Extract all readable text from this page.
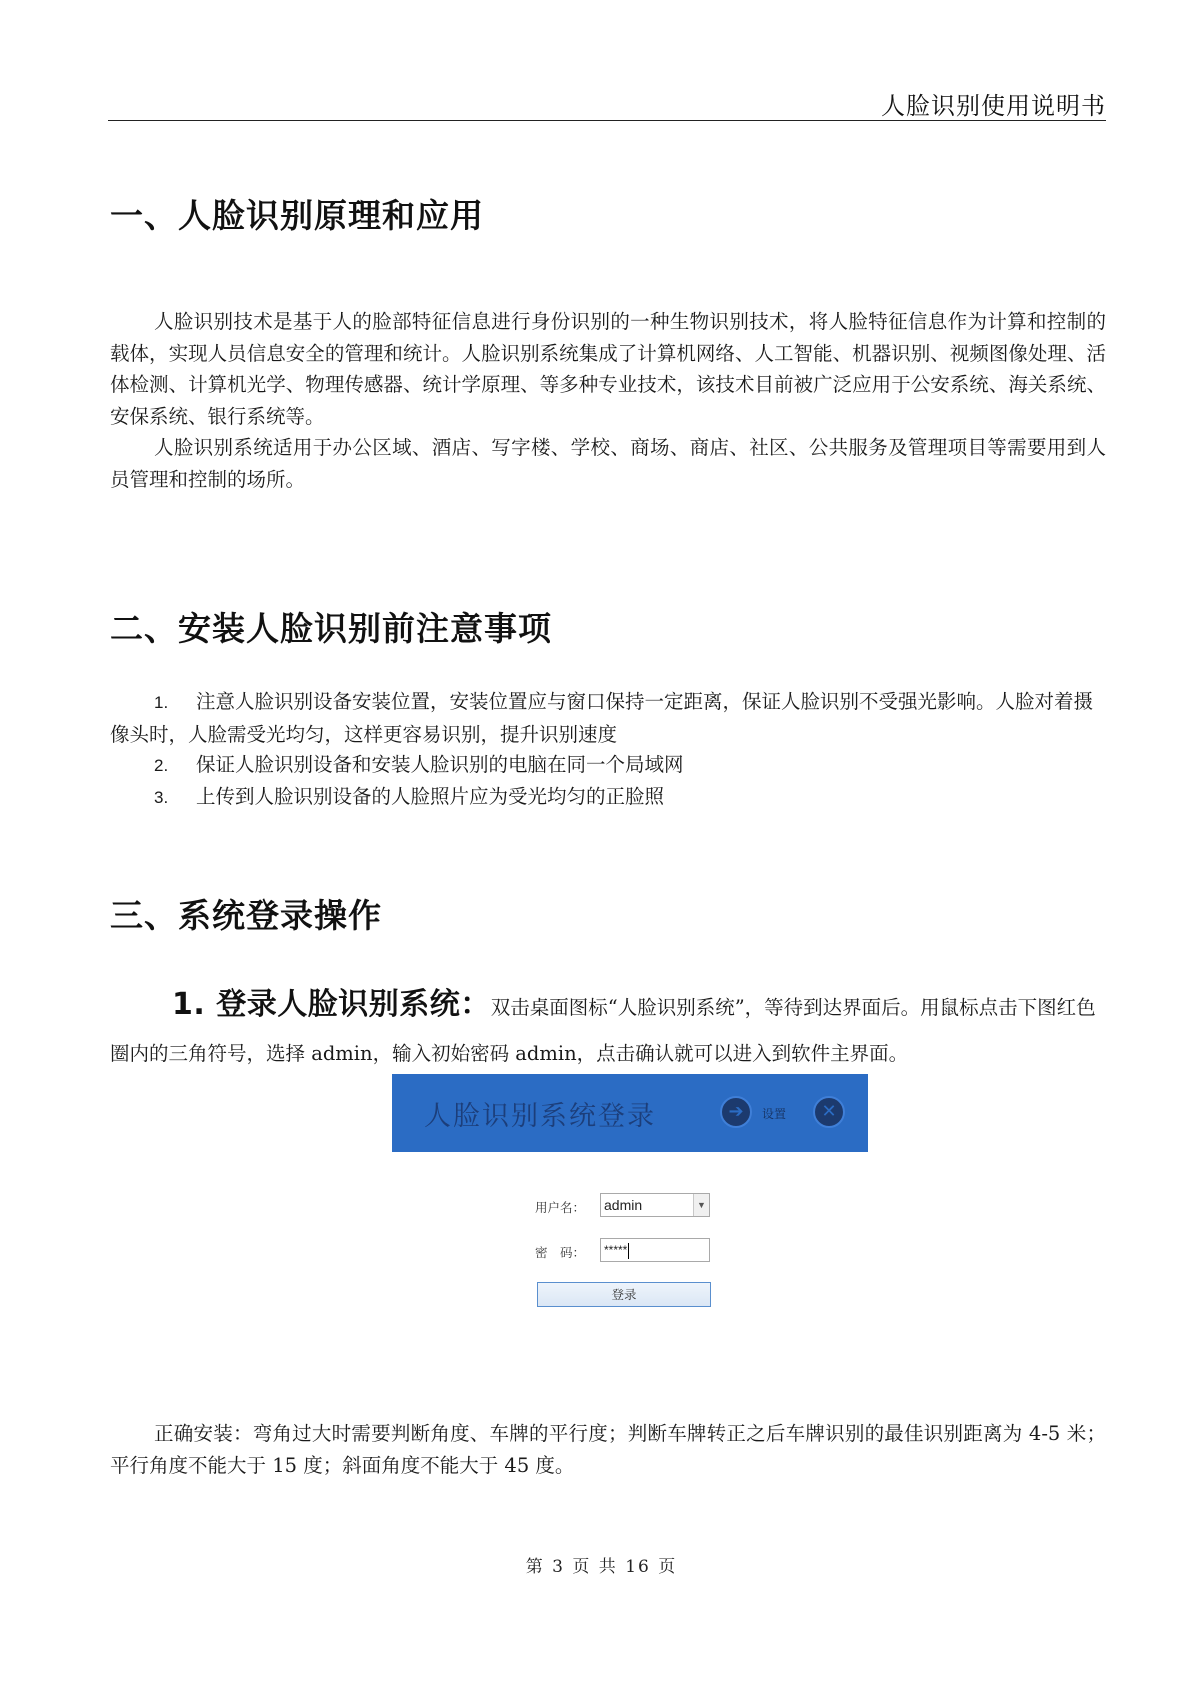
人脸识别使用说明书
一、人脸识别原理和应用

人脸识别技术是基于人的脸部特征信息进行身份识别的一种生物识别技术，将人脸特征信息作为计算和控制的载体，实现人员信息安全的管理和统计。人脸识别系统集成了计算机网络、人工智能、机器识别、视频图像处理、活体检测、计算机光学、物理传感器、统计学原理、等多种专业技术，该技术目前被广泛应用于公安系统、海关系统、安保系统、银行系统等。

人脸识别系统适用于办公区域、酒店、写字楼、学校、商场、商店、社区、公共服务及管理项目等需要用到人员管理和控制的场所。

二、安装人脸识别前注意事项

1. 注意人脸识别设备安装位置，安装位置应与窗口保持一定距离，保证人脸识别不受强光影响。人脸对着摄像头时，人脸需受光均匀，这样更容易识别，提升识别速度

2. 保证人脸识别设备和安装人脸识别的电脑在同一个局域网

3. 上传到人脸识别设备的人脸照片应为受光均匀的正脸照

三、系统登录操作

1. 登录人脸识别系统：双击桌面图标“人脸识别系统”，等待到达界面后。用鼠标点击下图红色圈内的三角符号，选择 admin，输入初始密码 admin，点击确认就可以进入到软件主界面。

人脸识别系统登录	➔	设置	✕
用户名： admin	▼
密　码：	*****
登录

正确安装：弯角过大时需要判断角度、车牌的平行度；判断车牌转正之后车牌识别的最佳识别距离为 4-5 米；平行角度不能大于 15 度；斜面角度不能大于 45 度。

第 3 页 共 16 页
